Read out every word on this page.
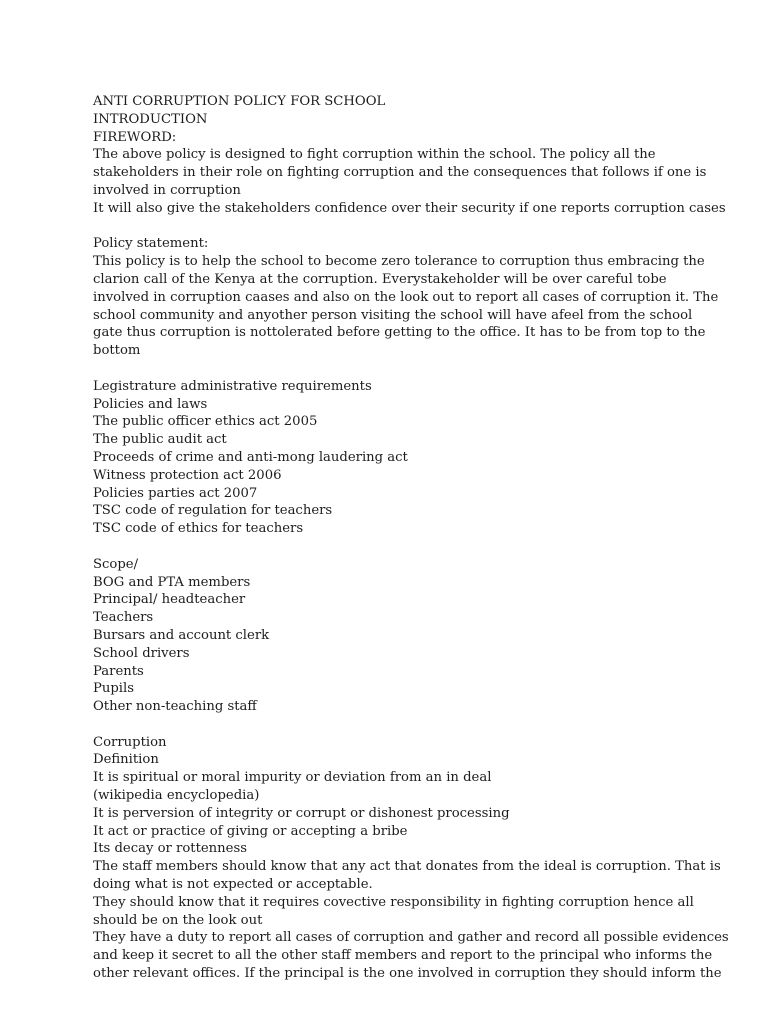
ANTI CORRUPTION POLICY FOR SCHOOL
INTRODUCTION
FIREWORD:
The above policy is designed to fight corruption within the school. The policy all the
stakeholders in their role on fighting corruption and the consequences that follows if one is
involved in corruption
It will also give the stakeholders confidence over their security if one reports corruption cases
Policy statement:
This policy is to help the school to become zero tolerance to corruption thus embracing the
clarion call of the Kenya at the corruption. Everystakeholder will be over careful tobe
involved in corruption caases and also on the look out to report all cases of corruption it. The
school community and anyother person visiting the school will have afeel from the school
gate thus corruption is nottolerated before getting to the office. It has to be from top to the
bottom
Legistrature administrative requirements
Policies and laws
The public officer ethics act 2005
The public audit act
Proceeds of crime and anti-mong laudering act
Witness protection act 2006
Policies parties act 2007
TSC code of regulation for teachers
TSC code of ethics for teachers
Scope/
BOG and PTA members
Principal/ headteacher
Teachers
Bursars and account clerk
School drivers
Parents
Pupils
Other non-teaching staff
Corruption
Definition
It is spiritual or moral impurity or deviation from an in deal
(wikipedia encyclopedia)
It is perversion of integrity or corrupt or dishonest processing
It act or practice of giving or accepting a bribe
Its decay or rottenness
The staff members should know that any act that donates from the ideal is corruption. That is
doing what is not expected or acceptable.
They should know that it requires covective responsibility in fighting corruption hence all
should be on the look out
They have a duty to report all cases of corruption and gather and record all possible evidences
and keep it secret to all the other staff members and report to the principal who informs the
other relevant offices. If the principal is the one involved in corruption they should inform the
